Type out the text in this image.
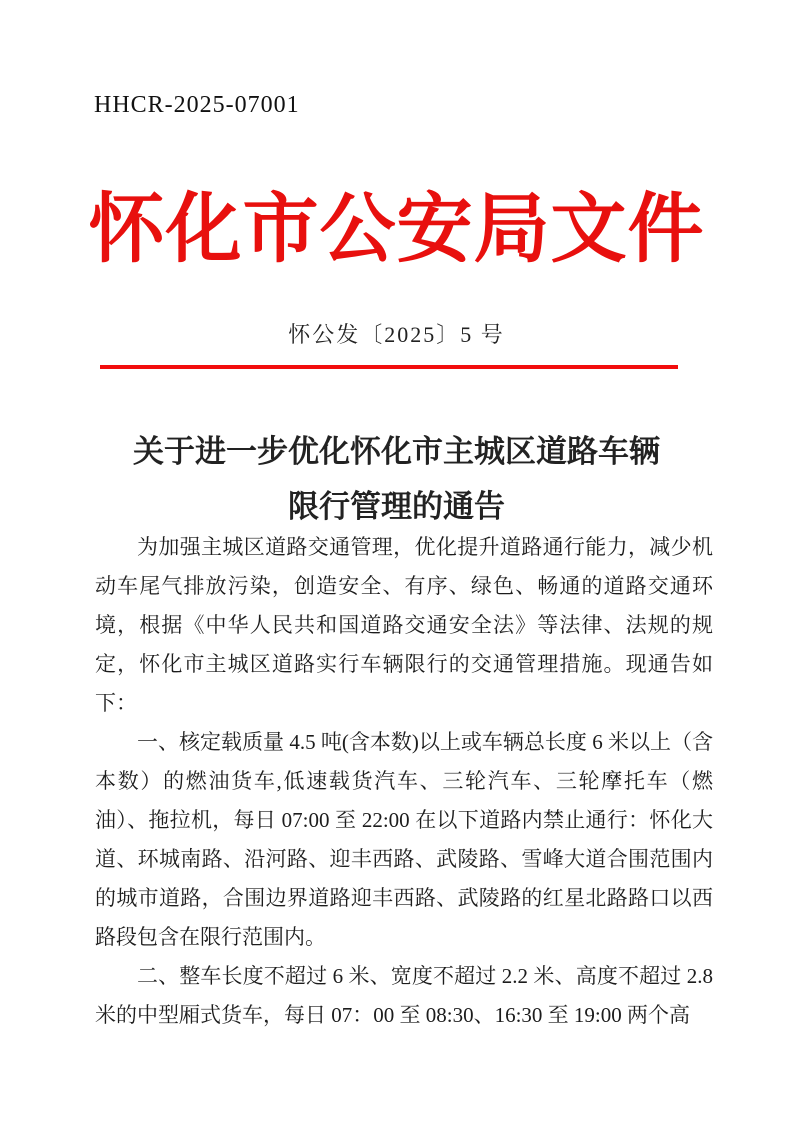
HHCR-2025-07001
怀化市公安局文件
怀公发〔2025〕5 号
关于进一步优化怀化市主城区道路车辆
限行管理的通告

为加强主城区道路交通管理，优化提升道路通行能力，减少机动车尾气排放污染，创造安全、有序、绿色、畅通的道路交通环境，根据《中华人民共和国道路交通安全法》等法律、法规的规定，怀化市主城区道路实行车辆限行的交通管理措施。现通告如下：

一、核定载质量 4.5 吨(含本数)以上或车辆总长度 6 米以上（含本数）的燃油货车,低速载货汽车、三轮汽车、三轮摩托车（燃油）、拖拉机，每日 07:00 至 22:00 在以下道路内禁止通行：怀化大道、环城南路、沿河路、迎丰西路、武陵路、雪峰大道合围范围内的城市道路，合围边界道路迎丰西路、武陵路的红星北路路口以西路段包含在限行范围内。

二、整车长度不超过 6 米、宽度不超过 2.2 米、高度不超过 2.8 米的中型厢式货车，每日 07：00 至 08:30、16:30 至 19:00 两个高
